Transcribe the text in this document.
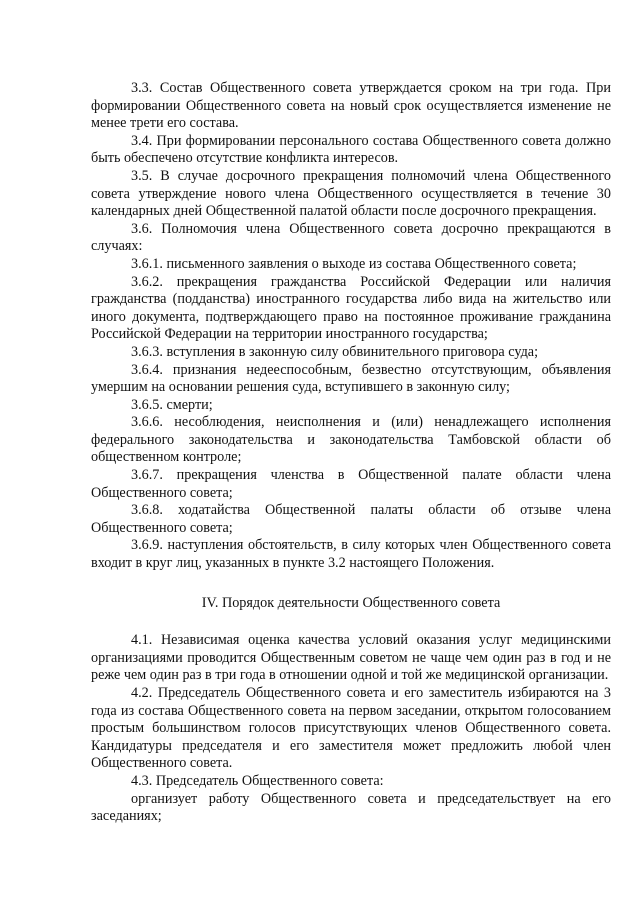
3.3. Состав Общественного совета утверждается сроком на три года. При формировании Общественного совета на новый срок осуществляется изменение не менее трети его состава.

3.4. При формировании персонального состава Общественного совета должно быть обеспечено отсутствие конфликта интересов.

3.5. В случае досрочного прекращения полномочий члена Общественного совета утверждение нового члена Общественного осуществляется в течение 30 календарных дней Общественной палатой области после досрочного прекращения.

3.6. Полномочия члена Общественного совета досрочно прекращаются в случаях:

3.6.1. письменного заявления о выходе из состава Общественного совета;

3.6.2. прекращения гражданства Российской Федерации или наличия гражданства (подданства) иностранного государства либо вида на жительство или иного документа, подтверждающего право на постоянное проживание гражданина Российской Федерации на территории иностранного государства;

3.6.3. вступления в законную силу обвинительного приговора суда;

3.6.4. признания недееспособным, безвестно отсутствующим, объявления умершим на основании решения суда, вступившего в законную силу;

3.6.5. смерти;

3.6.6. несоблюдения, неисполнения и (или) ненадлежащего исполнения федерального законодательства и законодательства Тамбовской области об общественном контроле;

3.6.7. прекращения членства в Общественной палате области члена Общественного совета;

3.6.8. ходатайства Общественной палаты области об отзыве члена Общественного совета;

3.6.9. наступления обстоятельств, в силу которых член Общественного совета входит в круг лиц, указанных в пункте 3.2 настоящего Положения.

IV. Порядок деятельности Общественного совета

4.1. Независимая оценка качества условий оказания услуг медицинскими организациями проводится Общественным советом не чаще чем один раз в год и не реже чем один раз в три года в отношении одной и той же медицинской организации.

4.2. Председатель Общественного совета и его заместитель избираются на 3 года из состава Общественного совета на первом заседании, открытом голосованием простым большинством голосов присутствующих членов Общественного совета. Кандидатуры председателя и его заместителя может предложить любой член Общественного совета.

4.3. Председатель Общественного совета:

организует работу Общественного совета и председательствует на его заседаниях;
